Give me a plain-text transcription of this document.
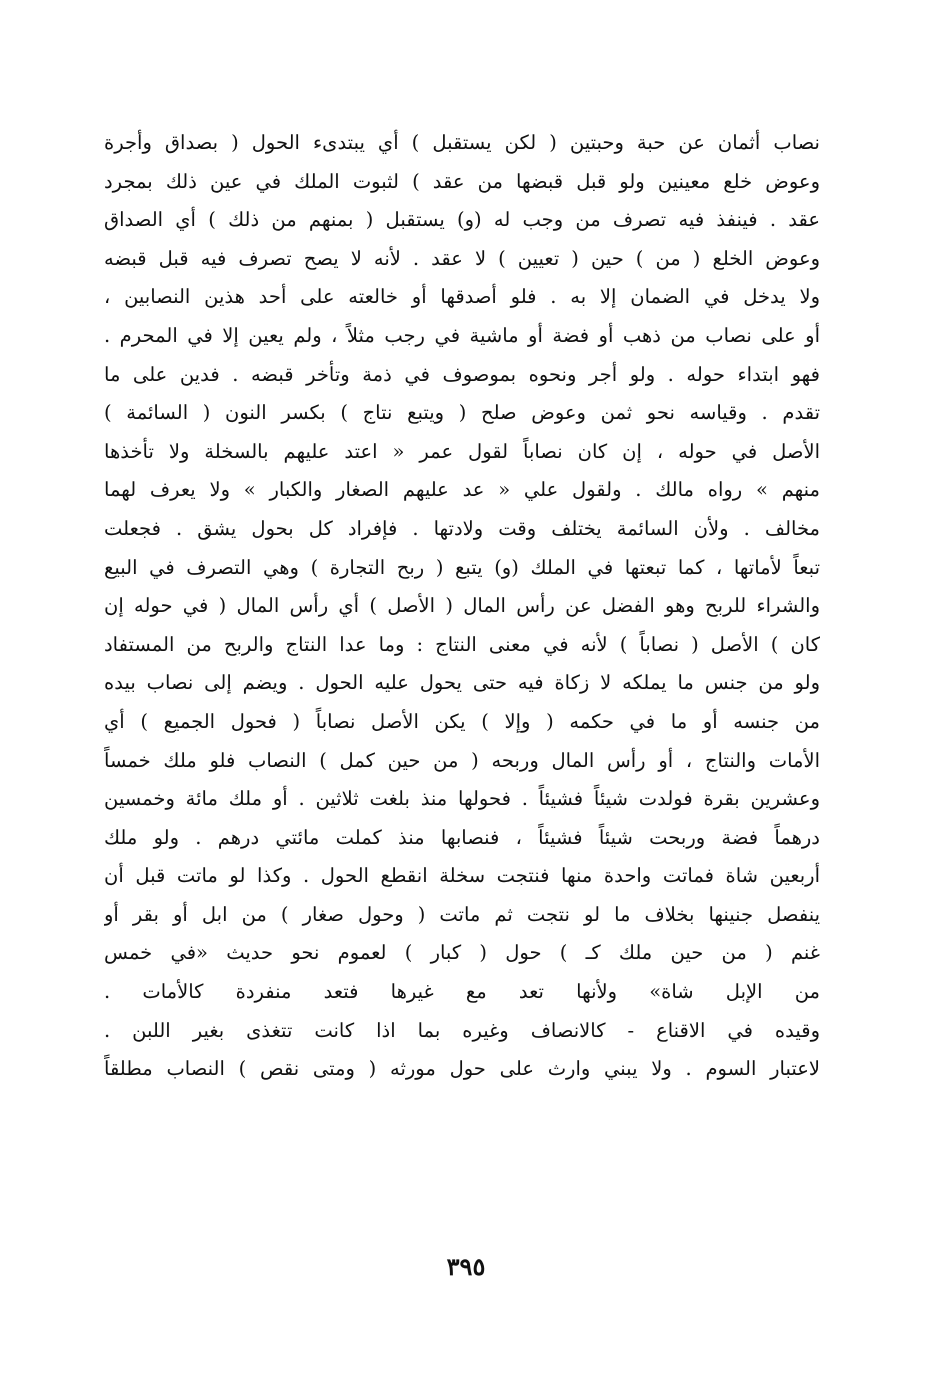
نصاب أثمان عن حبة وحبتين ( لكن يستقبل ) أي يبتدىء الحول ( بصداق وأجرة
وعوض خلع معينين ولو قبل قبضها من عقد ) لثبوت الملك في عين ذلك بمجرد
عقد . فينفذ فيه تصرف من وجب له (و) يستقبل ( بمنهم من ذلك ) أي الصداق
وعوض الخلع ( من ) حين ( تعيين ) لا عقد . لأنه لا يصح تصرف فيه قبل قبضه
ولا يدخل في الضمان إلا به . فلو أصدقها أو خالعته على أحد هذين النصابين ،
أو على نصاب من ذهب أو فضة أو ماشية في رجب مثلاً ، ولم يعين إلا في المحرم .
فهو ابتداء حوله . ولو أجر ونحوه بموصوف في ذمة وتأخر قبضه . فدين على ما
تقدم . وقياسه نحو ثمن وعوض صلح ( ويتبع نتاج ) بكسر النون ( السائمة )
الأصل في حوله ، إن كان نصاباً لقول عمر « اعتد عليهم بالسخلة ولا تأخذها
منهم » رواه مالك . ولقول علي « عد عليهم الصغار والكبار » ولا يعرف لهما
مخالف . ولأن السائمة يختلف وقت ولادتها . فإفراد كل بحول يشق . فجعلت
تبعاً لأماتها ، كما تبعتها في الملك (و) يتبع ( ربح التجارة ) وهي التصرف في البيع
والشراء للربح وهو الفضل عن رأس المال ( الأصل ) أي رأس المال ( في حوله إن
كان ) الأصل ( نصاباً ) لأنه في معنى النتاج : وما عدا النتاج والربح من المستفاد
ولو من جنس ما يملكه لا زكاة فيه حتى يحول عليه الحول . ويضم إلى نصاب بيده
من جنسه أو ما في حكمه ( وإلا ) يكن الأصل نصاباً ( فحول الجميع ) أي
الأمات والنتاج ، أو رأس المال وربحه ( من حين كمل ) النصاب فلو ملك خمساً
وعشرين بقرة فولدت شيئاً فشيئاً . فحولها منذ بلغت ثلاثين . أو ملك مائة وخمسين
درهماً فضة وربحت شيئاً فشيئاً ، فنصابها منذ كملت مائتي درهم . ولو ملك
أربعين شاة فماتت واحدة منها فنتجت سخلة انقطع الحول . وكذا لو ماتت قبل أن
ينفصل جنينها بخلاف ما لو نتجت ثم ماتت ( وحول صغار ) من ابل أو بقر أو
غنم ( من حين ملك كـ ) حول ( كبار ) لعموم نحو حديث «في خمس
من الإبل شاة» ولأنها تعد مع غيرها فتعد منفردة كالأمات .
وقيده في الاقناع - كالانصاف وغيره بما اذا كانت تتغذى بغير اللبن .
لاعتبار السوم . ولا يبني وارث على حول مورثه ( ومتى نقص ) النصاب مطلقاً
٣٩٥
